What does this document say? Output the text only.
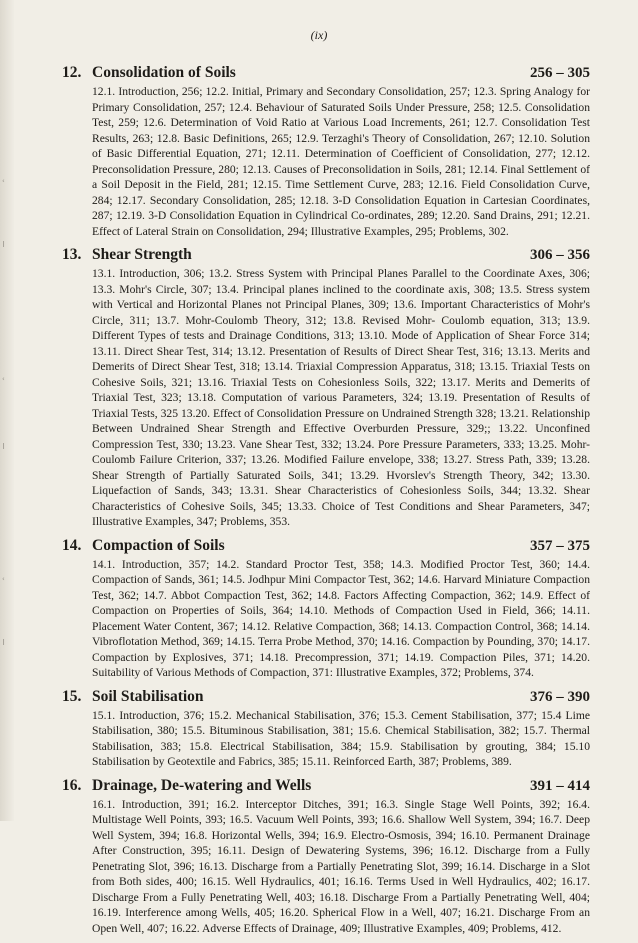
˓
ı
˓
ı
˓
ı
(ix)
12. Consolidation of Soils	256 – 305
12.1. Introduction, 256; 12.2. Initial, Primary and Secondary Consolidation, 257; 12.3. Spring Analogy for Primary Consolidation, 257; 12.4. Behaviour of Saturated Soils Under Pressure, 258; 12.5. Consolidation Test, 259; 12.6. Determination of Void Ratio at Various Load Increments, 261; 12.7. Consolidation Test Results, 263; 12.8. Basic Definitions, 265; 12.9. Terzaghi's Theory of Consolidation, 267; 12.10. Solution of Basic Differential Equation, 271; 12.11. Determination of Coefficient of Consolidation, 277; 12.12. Preconsolidation Pressure, 280; 12.13. Causes of Preconsolidation in Soils, 281; 12.14. Final Settlement of a Soil Deposit in the Field, 281; 12.15. Time Settlement Curve, 283; 12.16. Field Consolidation Curve, 284; 12.17. Secondary Consolidation, 285; 12.18. 3-D Consolidation Equation in Cartesian Coordinates, 287; 12.19. 3-D Consolidation Equation in Cylindrical Co-ordinates, 289; 12.20. Sand Drains, 291; 12.21. Effect of Lateral Strain on Consolidation, 294; Illustrative Examples, 295; Problems, 302.
13. Shear Strength	306 – 356
13.1. Introduction, 306; 13.2. Stress System with Principal Planes Parallel to the Coordinate Axes, 306; 13.3. Mohr's Circle, 307; 13.4. Principal planes inclined to the coordinate axis, 308; 13.5. Stress system with Vertical and Horizontal Planes not Principal Planes, 309; 13.6. Important Characteristics of Mohr's Circle, 311; 13.7. Mohr-Coulomb Theory, 312; 13.8. Revised Mohr- Coulomb equation, 313; 13.9. Different Types of tests and Drainage Conditions, 313; 13.10. Mode of Application of Shear Force 314; 13.11. Direct Shear Test, 314; 13.12. Presentation of Results of Direct Shear Test, 316; 13.13. Merits and Demerits of Direct Shear Test, 318; 13.14. Triaxial Compression Apparatus, 318; 13.15. Triaxial Tests on Cohesive Soils, 321; 13.16. Triaxial Tests on Cohesionless Soils, 322; 13.17. Merits and Demerits of Triaxial Test, 323; 13.18. Computation of various Parameters, 324; 13.19. Presentation of Results of Triaxial Tests, 325 13.20. Effect of Consolidation Pressure on Undrained Strength 328; 13.21. Relationship Between Undrained Shear Strength and Effective Overburden Pressure, 329;; 13.22. Unconfined Compression Test, 330; 13.23. Vane Shear Test, 332; 13.24. Pore Pressure Parameters, 333; 13.25. Mohr-Coulomb Failure Criterion, 337; 13.26. Modified Failure envelope, 338; 13.27. Stress Path, 339; 13.28. Shear Strength of Partially Saturated Soils, 341; 13.29. Hvorslev's Strength Theory, 342; 13.30. Liquefaction of Sands, 343; 13.31. Shear Characteristics of Cohesionless Soils, 344; 13.32. Shear Characteristics of Cohesive Soils, 345; 13.33. Choice of Test Conditions and Shear Parameters, 347; Illustrative Examples, 347; Problems, 353.
14. Compaction of Soils	357 – 375
14.1. Introduction, 357; 14.2. Standard Proctor Test, 358; 14.3. Modified Proctor Test, 360; 14.4. Compaction of Sands, 361; 14.5. Jodhpur Mini Compactor Test, 362; 14.6. Harvard Miniature Compaction Test, 362; 14.7. Abbot Compaction Test, 362; 14.8. Factors Affecting Compaction, 362; 14.9. Effect of Compaction on Properties of Soils, 364; 14.10. Methods of Compaction Used in Field, 366; 14.11. Placement Water Content, 367; 14.12. Relative Compaction, 368; 14.13. Compaction Control, 368; 14.14. Vibroflotation Method, 369; 14.15. Terra Probe Method, 370; 14.16. Compaction by Pounding, 370; 14.17. Compaction by Explosives, 371; 14.18. Precompression, 371; 14.19. Compaction Piles, 371; 14.20. Suitability of Various Methods of Compaction, 371: Illustrative Examples, 372; Problems, 374.
15. Soil Stabilisation	376 – 390
15.1. Introduction, 376; 15.2. Mechanical Stabilisation, 376; 15.3. Cement Stabilisation, 377; 15.4 Lime Stabilisation, 380; 15.5. Bituminous Stabilisation, 381; 15.6. Chemical Stabilisation, 382; 15.7. Thermal Stabilisation, 383; 15.8. Electrical Stabilisation, 384; 15.9. Stabilisation by grouting, 384; 15.10 Stabilisation by Geotextile and Fabrics, 385; 15.11. Reinforced Earth, 387; Problems, 389.
16. Drainage, De-watering and Wells	391 – 414
16.1. Introduction, 391; 16.2. Interceptor Ditches, 391; 16.3. Single Stage Well Points, 392; 16.4. Multistage Well Points, 393; 16.5. Vacuum Well Points, 393; 16.6. Shallow Well System, 394; 16.7. Deep Well System, 394; 16.8. Horizontal Wells, 394; 16.9. Electro-Osmosis, 394; 16.10. Permanent Drainage After Construction, 395; 16.11. Design of Dewatering Systems, 396; 16.12. Discharge from a Fully Penetrating Slot, 396; 16.13. Discharge from a Partially Penetrating Slot, 399; 16.14. Discharge in a Slot from Both sides, 400; 16.15. Well Hydraulics, 401; 16.16. Terms Used in Well Hydraulics, 402; 16.17. Discharge From a Fully Penetrating Well, 403; 16.18. Discharge From a Partially Penetrating Well, 404; 16.19. Interference among Wells, 405; 16.20. Spherical Flow in a Well, 407; 16.21. Discharge From an Open Well, 407; 16.22. Adverse Effects of Drainage, 409; Illustrative Examples, 409; Problems, 412.
